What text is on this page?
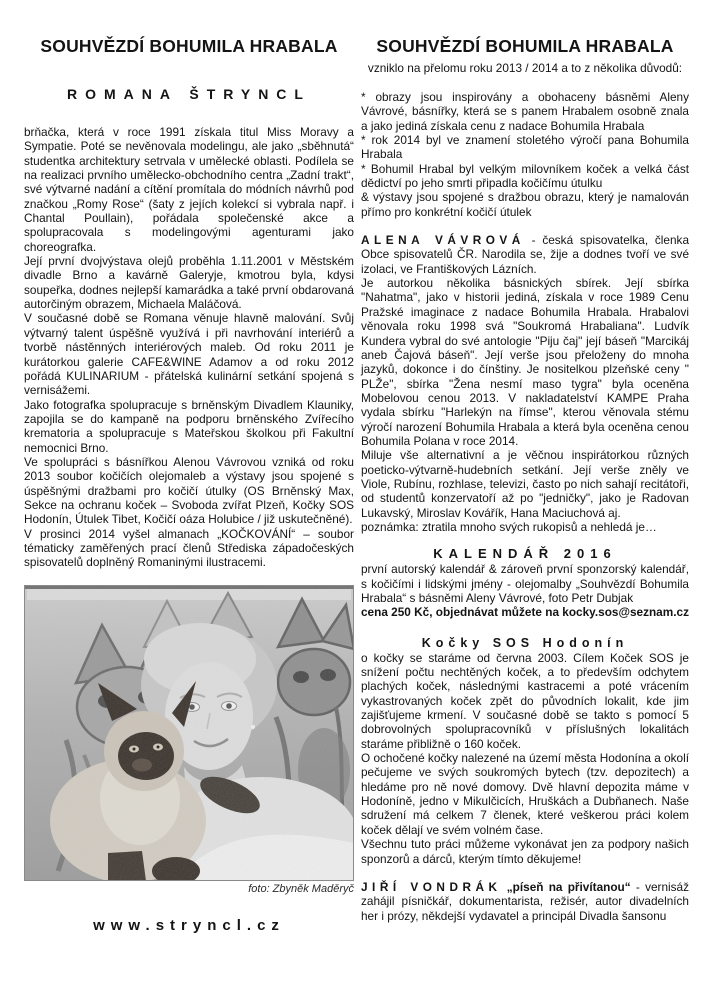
SOUHVĚZDÍ BOHUMILA HRABALA
ROMANA ŠTRYNCL

brňačka, která v roce 1991 získala titul Miss Moravy a Sympatie. Poté se nevěnovala modelingu, ale jako „sběhnutá“ studentka architektury setrvala v umělecké oblasti. Podílela se na realizaci prvního umělecko-obchodního centra „Zadní trakt“, své výtvarné nadání a cítění promítala do módních návrhů pod značkou „Romy Rose“ (šaty z jejích kolekcí si vybrala např. i Chantal Poullain), pořádala společenské akce a spolupracovala s modelingovými agenturami jako choreografka.

Její první dvojvýstava olejů proběhla 1.11.2001 v Městském divadle Brno a kavárně Galeryje, kmotrou byla, kdysi soupeřka, dodnes nejlepší kamarádka a také první obdarovaná autorčiným obrazem, Michaela Maláčová.

V současné době se Romana věnuje hlavně malování. Svůj výtvarný talent úspěšně využívá i při navrhování interiérů a tvorbě nástěnných interiérových maleb. Od roku 2011 je kurátorkou galerie CAFE&WINE Adamov a od roku 2012 pořádá KULINARIUM - přátelská kulinární setkání spojená s vernisážemi.

Jako fotografka spolupracuje s brněnským Divadlem Klauniky, zapojila se do kampaně na podporu brněnského Zvířecího krematoria a spolupracuje s Mateřskou školkou při Fakultní nemocnici Brno.

Ve spolupráci s básnířkou Alenou Vávrovou vzniká od roku 2013 soubor kočičích olejomaleb a výstavy jsou spojené s úspěšnými dražbami pro kočičí útulky (OS Brněnský Max, Sekce na ochranu koček – Svoboda zvířat Plzeň, Kočky SOS Hodonín, Útulek Tibet, Kočičí oáza Holubice / již uskutečněné).

V prosinci 2014 vyšel almanach „KOČKOVÁNÍ“ – soubor tématicky zaměřených prací členů Střediska západočeských spisovatelů doplněný Romaninými ilustracemi.

foto: Zbyněk Maděryč
www.stryncl.cz
SOUHVĚZDÍ BOHUMILA HRABALA

vzniklo na přelomu roku 2013 / 2014 a to z několika důvodů:

* obrazy jsou inspirovány a obohaceny básněmi Aleny Vávrové, básnířky, která se s panem Hrabalem osobně znala a jako jediná získala cenu z nadace Bohumila Hrabala

* rok 2014 byl ve znamení stoletého výročí pana Bohumila Hrabala

* Bohumil Hrabal byl velkým milovníkem koček a velká část dědictví po jeho smrti připadla kočičímu útulku

& výstavy jsou spojené s dražbou obrazu, který je namalován přímo pro konkrétní kočičí útulek

ALENA VÁVROVÁ - česká spisovatelka, členka Obce spisovatelů ČR. Narodila se, žije a dodnes tvoří ve své izolaci, ve Františkových Lázních.

Je autorkou několika básnických sbírek. Její sbírka "Nahatma", jako v historii jediná, získala v roce 1989 Cenu Pražské imaginace z nadace Bohumila Hrabala. Hrabalovi věnovala roku 1998 svá "Soukromá Hrabaliana". Ludvík Kundera vybral do své antologie "Piju čaj" její báseň "Marcikáj aneb Čajová báseň". Její verše jsou přeloženy do mnoha jazyků, dokonce i do čínštiny. Je nositelkou plzeňské ceny " PLŽe", sbírka "Žena nesmí maso tygra" byla oceněna Mobelovou cenou 2013. V nakladatelství KAMPE Praha vydala sbírku "Harlekýn na římse", kterou věnovala stému výročí narození Bohumila Hrabala a která byla oceněna cenou Bohumila Polana v roce 2014.

Miluje vše alternativní a je věčnou inspirátorkou různých poeticko-výtvarně-hudebních setkání. Její verše zněly ve Viole, Rubínu, rozhlase, televizi, často po nich sahají recitátoři, od studentů konzervatoří až po "jedničky", jako je Radovan Lukavský, Miroslav Kovářík, Hana Maciuchová aj.

poznámka: ztratila mnoho svých rukopisů a nehledá je…

KALENDÁŘ 2016

první autorský kalendář & zároveň první sponzorský kalendář, s kočičími i lidskými jmény - olejomalby „Souhvězdí Bohumila Hrabala“ s básněmi Aleny Vávrové, foto Petr Dubjak

cena 250 Kč, objednávat můžete na kocky.sos@seznam.cz

Kočky SOS Hodonín

o kočky se staráme od června 2003. Cílem Koček SOS je snížení počtu nechtěných koček, a to především odchytem plachých koček, následnými kastracemi a poté vrácením vykastrovaných koček zpět do původních lokalit, kde jim zajišťujeme krmení. V současné době se takto s pomocí 5 dobrovolných spolupracovníků v příslušných lokalitách staráme přibližně o 160 koček.

O ochočené kočky nalezené na území města Hodonína a okolí pečujeme ve svých soukromých bytech (tzv. depozitech) a hledáme pro ně nové domovy. Dvě hlavní depozita máme v Hodoníně, jedno v Mikulčicích, Hruškách a Dubňanech. Naše sdružení má celkem 7 členek, které veškerou práci kolem koček dělají ve svém volném čase.

Všechnu tuto práci můžeme vykonávat jen za podpory našich sponzorů a dárců, kterým tímto děkujeme!

JIŘÍ VONDRÁK „píseň na přivítanou“ - vernisáž zahájil písničkář, dokumentarista, režisér, autor divadelních her i prózy, někdejší vydavatel a principál Divadla šansonu
